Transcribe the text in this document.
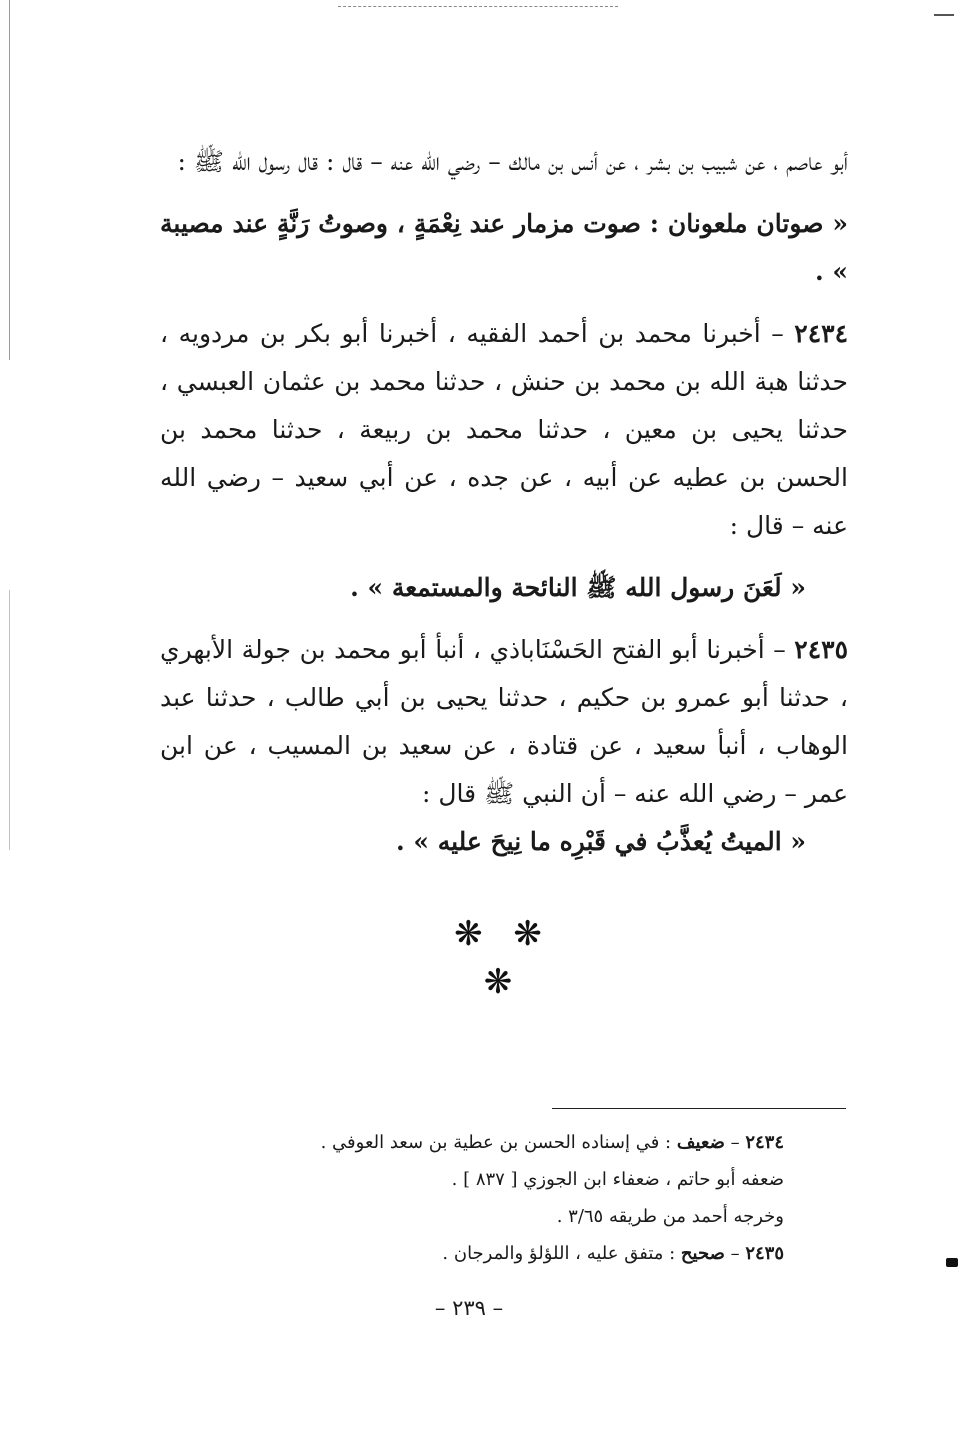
أبو عاصم ، عن شبيب بن بشر ، عن أنس بن مالك – رضي الله عنه – قال : قال رسول الله ﷺ :

« صوتان ملعونان : صوت مزمار عند نِعْمَةٍ ، وصوتُ رَنَّةٍ عند مصيبة » .

٢٤٣٤ – أخبرنا محمد بن أحمد الفقيه ، أخبرنا أبو بكر بن مردويه ، حدثنا هبة الله بن محمد بن حنش ، حدثنا محمد بن عثمان العبسي ، حدثنا يحيى بن معين ، حدثنا محمد بن ربيعة ، حدثنا محمد بن الحسن بن عطيه عن أبيه ، عن جده ، عن أبي سعيد – رضي الله عنه – قال :

« لَعَنَ رسول الله ﷺ النائحة والمستمعة » .

٢٤٣٥ – أخبرنا أبو الفتح الحَسْنَاباذي ، أنبأ أبو محمد بن جولة الأبهري ، حدثنا أبو عمرو بن حكيم ، حدثنا يحيى بن أبي طالب ، حدثنا عبد الوهاب ، أنبأ سعيد ، عن قتادة ، عن سعيد بن المسيب ، عن ابن عمر – رضي الله عنه – أن النبي ﷺ قال :

« الميتُ يُعذَّبُ في قَبْرِه ما نِيحَ عليه » .

❋ ❋ ❋

٢٤٣٤ – ضعيف : في إسناده الحسن بن عطية بن سعد العوفي .

ضعفه أبو حاتم ، ضعفاء ابن الجوزي [ ٨٣٧ ] .

وخرجه أحمد من طريقه ٣/٦٥ .

٢٤٣٥ – صحيح : متفق عليه ، اللؤلؤ والمرجان .

– ٢٣٩ –
